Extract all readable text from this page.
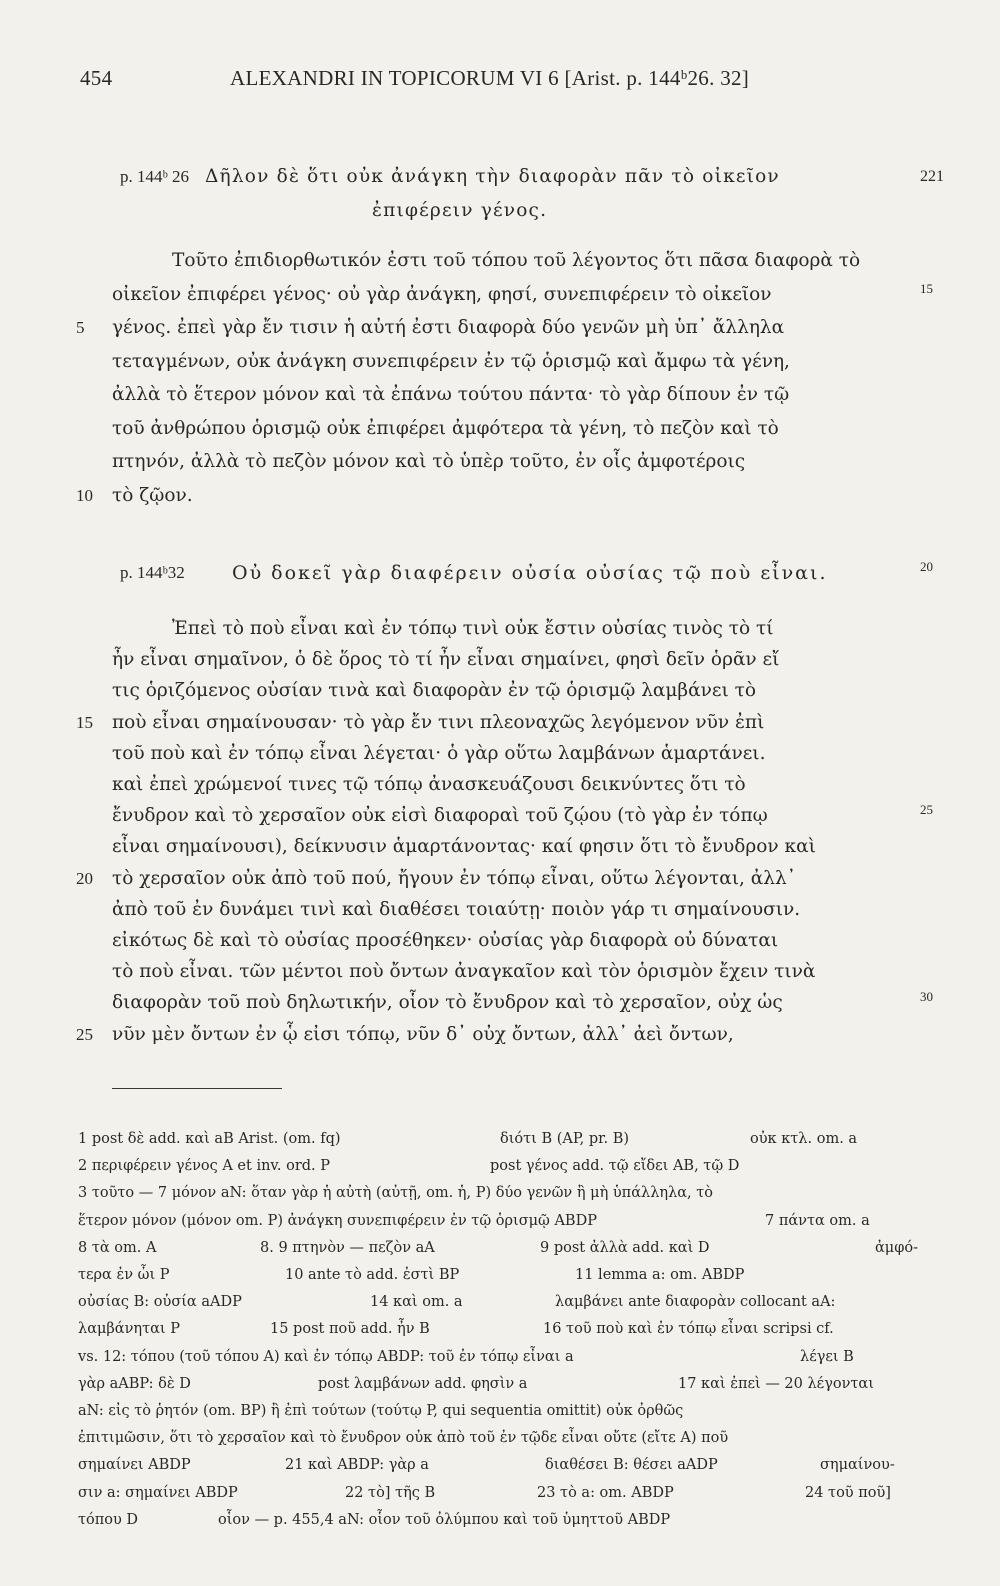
454	ALEXANDRI IN TOPICORUM VI 6 [Arist. p. 144ᵇ26. 32]
p. 144ᵇ 26 Δῆλον δὲ ὅτι οὐκ ἀνάγκη τὴν διαφορὰν πᾶν τὸ οἰκεῖον	221
ἐπιφέρειν γένος.
Τοῦτο ἐπιδιορθωτικόν ἐστι τοῦ τόπου τοῦ λέγοντος ὅτι πᾶσα διαφορὰ τὸ
οἰκεῖον ἐπιφέρει γένος· οὐ γὰρ ἀνάγκη, φησί, συνεπιφέρειν τὸ οἰκεῖον	15
5 γένος. ἐπεὶ γὰρ ἔν τισιν ἡ αὐτή ἐστι διαφορὰ δύο γενῶν μὴ ὑπ᾽ ἄλληλα
τεταγμένων, οὐκ ἀνάγκη συνεπιφέρειν ἐν τῷ ὁρισμῷ καὶ ἄμφω τὰ γένη,
ἀλλὰ τὸ ἕτερον μόνον καὶ τὰ ἐπάνω τούτου πάντα· τὸ γὰρ δίπουν ἐν τῷ
τοῦ ἀνθρώπου ὁρισμῷ οὐκ ἐπιφέρει ἀμφότερα τὰ γένη, τὸ πεζὸν καὶ τὸ
πτηνόν, ἀλλὰ τὸ πεζὸν μόνον καὶ τὸ ὑπὲρ τοῦτο, ἐν οἷς ἀμφοτέροις
10 τὸ ζῷον.
p. 144ᵇ32 Οὐ δοκεῖ γὰρ διαφέρειν οὐσία οὐσίας τῷ ποὺ εἶναι.	20
Ἐπεὶ τὸ ποὺ εἶναι καὶ ἐν τόπῳ τινὶ οὐκ ἔστιν οὐσίας τινὸς τὸ τί
ἦν εἶναι σημαῖνον, ὁ δὲ ὅρος τὸ τί ἦν εἶναι σημαίνει, φησὶ δεῖν ὁρᾶν εἴ
τις ὁριζόμενος οὐσίαν τινὰ καὶ διαφορὰν ἐν τῷ ὁρισμῷ λαμβάνει τὸ
15 ποὺ εἶναι σημαίνουσαν· τὸ γὰρ ἔν τινι πλεοναχῶς λεγόμενον νῦν ἐπὶ
τοῦ ποὺ καὶ ἐν τόπῳ εἶναι λέγεται· ὁ γὰρ οὕτω λαμβάνων ἁμαρτάνει.
καὶ ἐπεὶ χρώμενοί τινες τῷ τόπῳ ἀνασκευάζουσι δεικνύντες ὅτι τὸ
ἔνυδρον καὶ τὸ χερσαῖον οὐκ εἰσὶ διαφοραὶ τοῦ ζῴου (τὸ γὰρ ἐν τόπῳ	25
εἶναι σημαίνουσι), δείκνυσιν ἁμαρτάνοντας· καί φησιν ὅτι τὸ ἔνυδρον καὶ
20 τὸ χερσαῖον οὐκ ἀπὸ τοῦ πού, ἤγουν ἐν τόπῳ εἶναι, οὕτω λέγονται, ἀλλ᾽
ἀπὸ τοῦ ἐν δυνάμει τινὶ καὶ διαθέσει τοιαύτῃ· ποιὸν γάρ τι σημαίνουσιν.
εἰκότως δὲ καὶ τὸ οὐσίας προσέθηκεν· οὐσίας γὰρ διαφορὰ οὐ δύναται
τὸ ποὺ εἶναι. τῶν μέντοι ποὺ ὄντων ἀναγκαῖον καὶ τὸν ὁρισμὸν ἔχειν τινὰ
διαφορὰν τοῦ ποὺ δηλωτικήν, οἷον τὸ ἔνυδρον καὶ τὸ χερσαῖον, οὐχ ὡς	30
25 νῦν μὲν ὄντων ἐν ᾧ εἰσι τόπῳ, νῦν δ᾽ οὐχ ὄντων, ἀλλ᾽ ἀεὶ ὄντων,
1 post δὲ add. καὶ aB Arist. (om. fq)	διότι B (AP, pr. B)	οὐκ κτλ. om. a
2 περιφέρειν γένος A et inv. ord. P	post γένος add. τῷ εἴδει AB, τῷ D
3 τοῦτο — 7 μόνον aN: ὅταν γὰρ ἡ αὐτὴ (αὐτῇ, om. ἡ, P) δύο γενῶν ἢ μὴ ὑπάλληλα, τὸ
ἕτερον μόνον (μόνον om. P) ἀνάγκη συνεπιφέρειν ἐν τῷ ὁρισμῷ ABDP	7 πάντα om. a
8 τὰ om. A	8. 9 πτηνὸν — πεζὸν aA	9 post ἀλλὰ add. καὶ D	ἀμφό-
τερα ἐν ὧι P	10 ante τὸ add. ἐστὶ BP	11 lemma a: om. ABDP
οὐσίας B: οὐσία aADP	14 καὶ om. a	λαμβάνει ante διαφορὰν collocant aA:
λαμβάνηται P	15 post ποῦ add. ἦν B	16 τοῦ ποὺ καὶ ἐν τόπῳ εἶναι scripsi cf.
vs. 12: τόπου (τοῦ τόπου A) καὶ ἐν τόπῳ ABDP: τοῦ ἐν τόπῳ εἶναι a	λέγει B
γὰρ aABP: δὲ D	post λαμβάνων add. φησὶν a	17 καὶ ἐπεὶ — 20 λέγονται
aN: εἰς τὸ ῥητόν (om. BP) ἢ ἐπὶ τούτων (τούτῳ P, qui sequentia omittit) οὐκ ὀρθῶς
ἐπιτιμῶσιν, ὅτι τὸ χερσαῖον καὶ τὸ ἔνυδρον οὐκ ἀπὸ τοῦ ἐν τῷδε εἶναι οὔτε (εἴτε A) ποῦ
σημαίνει ABDP	21 καὶ ABDP: γὰρ a	διαθέσει B: θέσει aADP	σημαίνου-
σιν a: σημαίνει ABDP	22 τὸ] τῆς B	23 τὸ a: om. ABDP	24 τοῦ ποῦ]
τόπου D	οἷον — p. 455,4 aN: οἷον τοῦ ὀλύμπου καὶ τοῦ ὑμηττοῦ ABDP
